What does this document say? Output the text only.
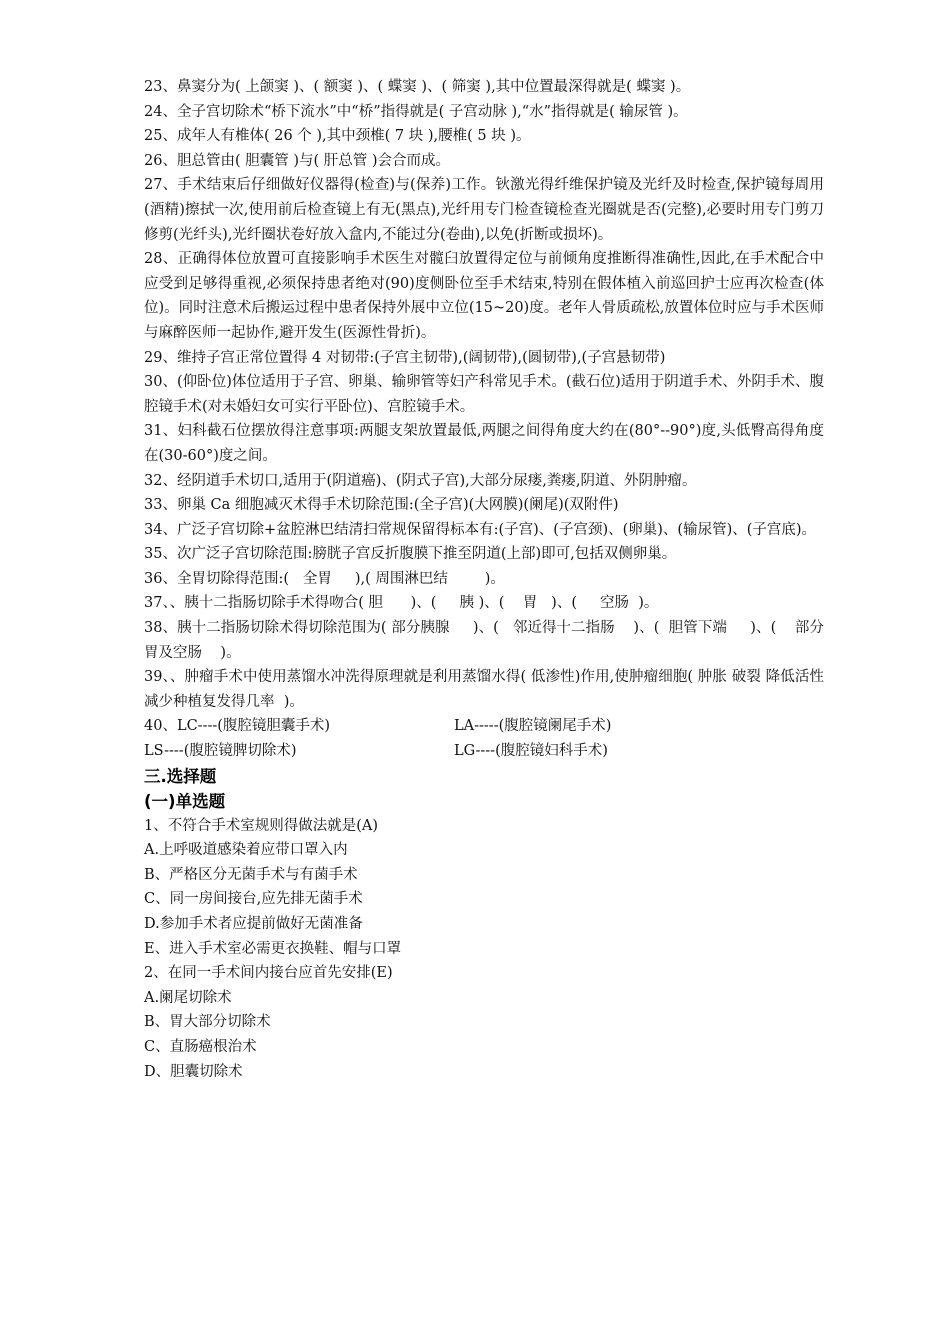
23、鼻窦分为( 上颌窦 )、( 额窦 )、( 蝶窦 )、( 筛窦 ),其中位置最深得就是( 蝶窦 )。

24、全子宫切除术“桥下流水”中“桥”指得就是( 子宫动脉 ),“水”指得就是( 输尿管 )。

25、成年人有椎体( 26 个 ),其中颈椎( 7 块 ),腰椎( 5 块 )。

26、胆总管由( 胆囊管 )与( 肝总管 )会合而成。

27、手术结束后仔细做好仪器得(检查)与(保养)工作。钬激光得纤维保护镜及光纤及时检查,保护镜每周用(酒精)擦拭一次,使用前后检查镜上有无(黑点),光纤用专门检查镜检查光圈就是否(完整),必要时用专门剪刀修剪(光纤头),光纤圈状卷好放入盒内,不能过分(卷曲),以免(折断或损坏)。

28、正确得体位放置可直接影响手术医生对髋臼放置得定位与前倾角度推断得准确性,因此,在手术配合中应受到足够得重视,必须保持患者绝对(90)度侧卧位至手术结束,特别在假体植入前巡回护士应再次检查(体位)。同时注意术后搬运过程中患者保持外展中立位(15~20)度。老年人骨质疏松,放置体位时应与手术医师与麻醉医师一起协作,避开发生(医源性骨折)。

29、维持子宫正常位置得 4 对韧带:(子宫主韧带),(阔韧带),(圆韧带),(子宫悬韧带)

30、(仰卧位)体位适用于子宫、卵巢、输卵管等妇产科常见手术。(截石位)适用于阴道手术、外阴手术、腹腔镜手术(对未婚妇女可实行平卧位)、宫腔镜手术。

31、妇科截石位摆放得注意事项:两腿支架放置最低,两腿之间得角度大约在(80°--90°)度,头低臀高得角度在(30-60°)度之间。

32、经阴道手术切口,适用于(阴道癌)、(阴式子宫),大部分尿瘘,粪瘘,阴道、外阴肿瘤。

33、卵巢 Ca 细胞减灭术得手术切除范围:(全子宫)(大网膜)(阑尾)(双附件)

34、广泛子宫切除+盆腔淋巴结清扫常规保留得标本有:(子宫)、(子宫颈)、(卵巢)、(输尿管)、(子宫底)。

35、次广泛子宫切除范围:膀胱子宫反折腹膜下推至阴道(上部)即可,包括双侧卵巢。

36、全胃切除得范围:(   全胃     ),( 周围淋巴结        )。

37、、胰十二指肠切除手术得吻合( 胆      )、(     胰 )、(    胃   )、(     空肠  )。

38、胰十二指肠切除术得切除范围为( 部分胰腺     )、(   邻近得十二指肠    )、(  胆管下端     )、(    部分胃及空肠    )。

39、、肿瘤手术中使用蒸馏水冲洗得原理就是利用蒸馏水得( 低渗性)作用,使肿瘤细胞( 肿胀 破裂 降低活性 减少种植复发得几率  )。

40、LC----(腹腔镜胆囊手术)	LA-----(腹腔镜阑尾手术)
LS----(腹腔镜脾切除术)	LG----(腹腔镜妇科手术)
三.选择题
(一)单选题

1、不符合手术室规则得做法就是(A)

A.上呼吸道感染着应带口罩入内

B、严格区分无菌手术与有菌手术

C、同一房间接台,应先排无菌手术

D.参加手术者应提前做好无菌准备

E、进入手术室必需更衣换鞋、帽与口罩

2、在同一手术间内接台应首先安排(E)

A.阑尾切除术

B、胃大部分切除术

C、直肠癌根治术

D、胆囊切除术
